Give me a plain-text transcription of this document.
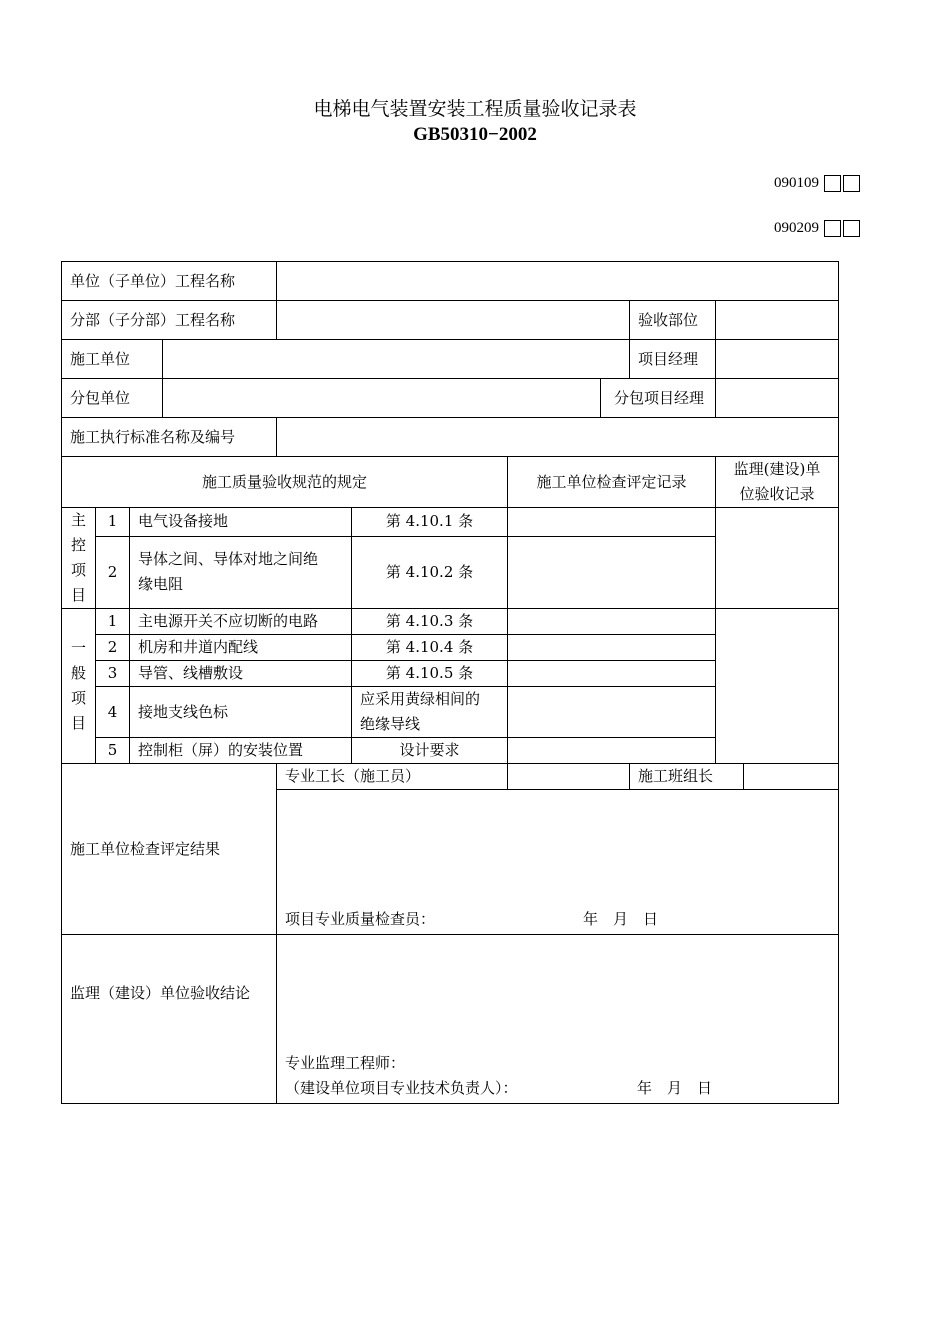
电梯电气装置安装工程质量验收记录表
GB50310−2002
090109
090209
单位（子单位）工程名称										
分部（子分部）工程名称								验收部位		
施工单位								项目经理		
分包单位							分包项目经理			
施工执行标准名称及编号										
施工质量验收规范的规定						施工单位检查评定记录			监理(建设)单
位验收记录	

主
控
项
目	1	电气设备接地			第 4.10.1 条					
	2	导体之间、导体对地之间绝
缘电阻			第 4.10.2 条					

一
般
项
目	1	主电源开关不应切断的电路			第 4.10.3 条					
	2	机房和井道内配线			第 4.10.4 条					
	3	导管、线槽敷设			第 4.10.5 条					
	4	接地支线色标			应采用黄绿相间的
绝缘导线					

	5	控制柜（屏）的安装位置			设计要求					
施工单位检查评定结果				专业工长（施工员）				施工班组长		

				项目专业质量检查员： 年　月　日						

监理（建设）单位验收结论				专业监理工程师：
（建设单位项目专业技术负责人）： 年　月　日						
